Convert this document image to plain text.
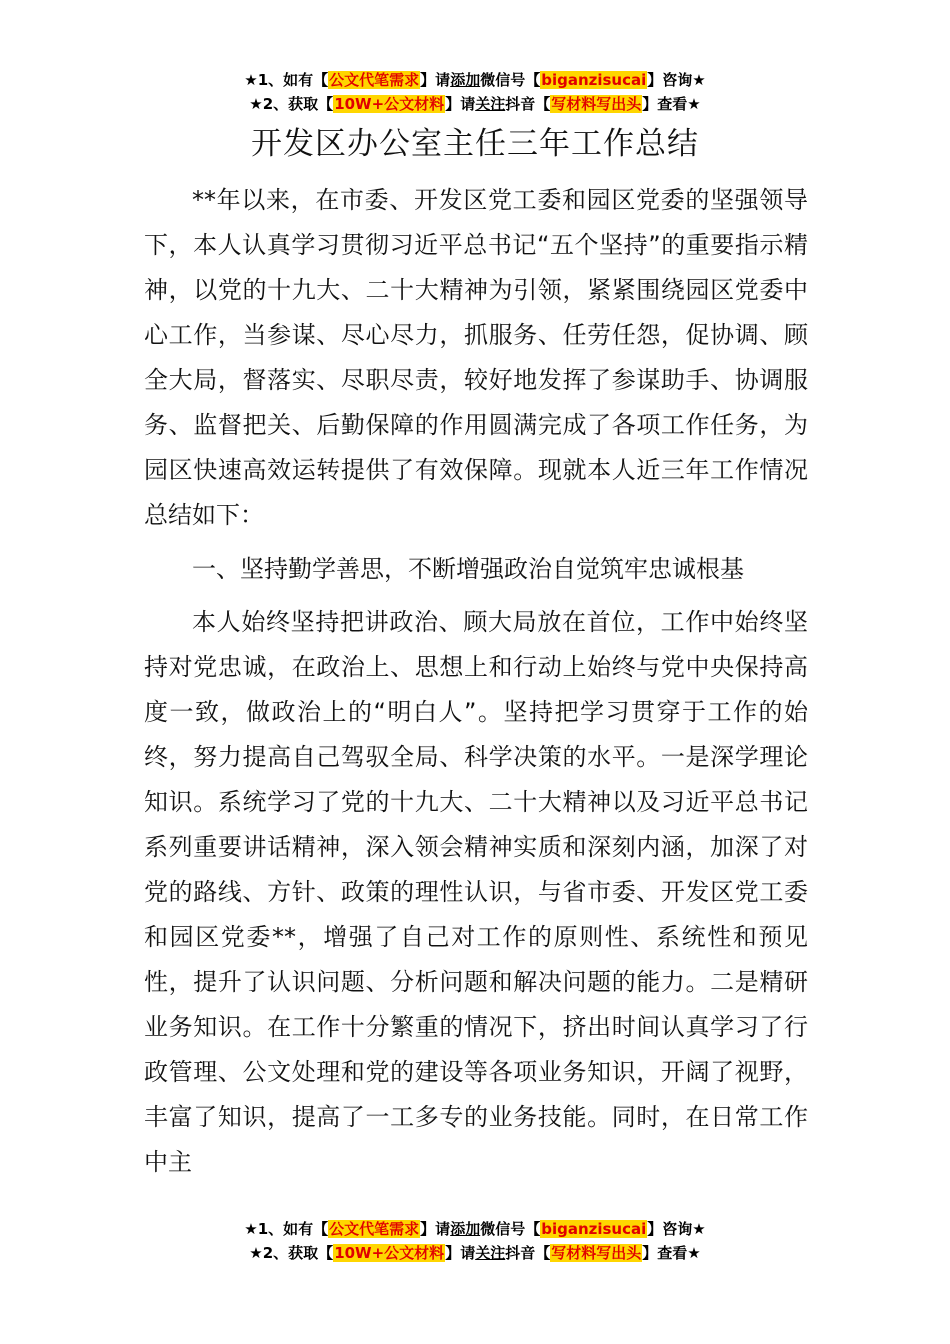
★1、如有【公文代笔需求】请添加微信号【biganzisucai】咨询★
★2、获取【10W+公文材料】请关注抖音【写材料写出头】查看★
开发区办公室主任三年工作总结

**年以来，在市委、开发区党工委和园区党委的坚强领导下，本人认真学习贯彻习近平总书记“五个坚持”的重要指示精神，以党的十九大、二十大精神为引领，紧紧围绕园区党委中心工作，当参谋、尽心尽力，抓服务、任劳任怨，促协调、顾全大局，督落实、尽职尽责，较好地发挥了参谋助手、协调服务、监督把关、后勤保障的作用圆满完成了各项工作任务，为园区快速高效运转提供了有效保障。现就本人近三年工作情况总结如下：

一、坚持勤学善思，不断增强政治自觉筑牢忠诚根基

本人始终坚持把讲政治、顾大局放在首位，工作中始终坚持对党忠诚，在政治上、思想上和行动上始终与党中央保持高度一致，做政治上的“明白人”。坚持把学习贯穿于工作的始终，努力提高自己驾驭全局、科学决策的水平。一是深学理论知识。系统学习了党的十九大、二十大精神以及习近平总书记系列重要讲话精神，深入领会精神实质和深刻内涵，加深了对党的路线、方针、政策的理性认识，与省市委、开发区党工委和园区党委**，增强了自己对工作的原则性、系统性和预见性，提升了认识问题、分析问题和解决问题的能力。二是精研业务知识。在工作十分繁重的情况下，挤出时间认真学习了行政管理、公文处理和党的建设等各项业务知识，开阔了视野，丰富了知识，提高了一工多专的业务技能。同时，在日常工作中主

★1、如有【公文代笔需求】请添加微信号【biganzisucai】咨询★
★2、获取【10W+公文材料】请关注抖音【写材料写出头】查看★
